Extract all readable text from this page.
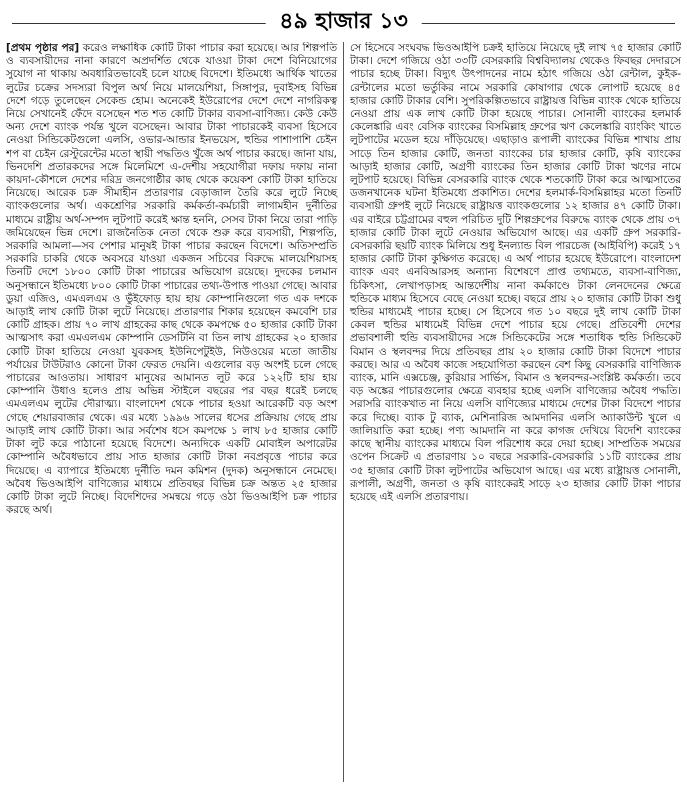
৪৯ হাজার ১৩

[প্রথম পৃষ্ঠার পর] করেও লক্ষাধিক কোটি টাকা পাচার করা হয়েছে। আর শিল্পপতি ও ব্যবসায়ীদের নানা কারণে অপ্রদর্শিত থেকে যাওয়া টাকা দেশে বিনিয়োগের সুযোগ না থাকায় অবধারিতভাবেই চলে যাচ্ছে বিদেশে। ইতিমধ্যে আর্থিক খাতের লুটের চক্রের সদস্যরা বিপুল অর্থ নিয়ে মালয়েশিয়া, সিঙ্গাপুর, দুবাইসহ বিভিন্ন দেশে গড়ে তুলেছেন সেকেন্ড হোম। অনেকেই ইউরোপের দেশে দেশে নাগরিকত্ব নিয়ে সেখানেই ফেঁদে বসেছেন শত শত কোটি টাকার ব্যবসা-বাণিজ্য। কেউ কেউ অন্য দেশে ব্যাংক পর্যন্ত খুলে বসেছেন। আবার টাকা পাচারকেই ব্যবসা হিসেবে নেওয়া সিন্ডিকেটগুলো এলসি, ওভার-আন্ডার ইনভয়েস, হুন্ডির পাশাপাশি চেইন শপ বা চেইন রেস্টুরেন্টের মতো স্থায়ী পদ্ধতিও খুঁজে অর্থ পাচার করছে। জানা যায়, ভিনদেশি প্রতারকদের সঙ্গে মিলেমিশে এ-দেশীয় সহযোগীরা দফায় দফায় নানা কায়দা-কৌশলে দেশের দরিদ্র জনগোষ্ঠীর কাছ থেকে কয়েকশ কোটি টাকা হাতিয়ে নিয়েছে। আরেক চক্র সীমাহীন প্রতারণার বেড়াজাল তৈরি করে লুটে নিচ্ছে ব্যাংকগুলোর অর্থ। একশ্রেণির সরকারি কর্মকর্তা-কর্মচারী লাগামহীন দুর্নীতির মাধ্যমে রাষ্ট্রীয় অর্থ-সম্পদ লুটপাট করেই ক্ষান্ত হননি, সেসব টাকা নিয়ে তারা পাড়ি জমিয়েছেন ভিন্ন দেশে। রাজনৈতিক নেতা থেকে শুরু করে ব্যবসায়ী, শিল্পপতি, সরকারি আমলা—সব পেশার মানুষই টাকা পাচার করছেন বিদেশে। অতিসম্প্রতি সরকারি চাকরি থেকে অবসরে যাওয়া একজন সচিবের বিরুদ্ধে মালয়েশিয়াসহ তিনটি দেশে ১৮০০ কোটি টাকা পাচারের অভিযোগ রয়েছে। দুদকের চলমান অনুসন্ধানে ইতিমধ্যে ৮০০ কোটি টাকা পাচারের তথ্য-উপাত্ত পাওয়া গেছে। আবার ডুয়া এজিও, এমএলএম ও ভুঁইফোড় হায় হায় কোম্পানিগুলো গত এক দশকে আড়াই লাখ কোটি টাকা লুটে নিয়েছে। প্রতারণার শিকার হয়েছেন কমবেশি চার কোটি গ্রাহক। প্রায় ৭০ লাখ গ্রাহকের কাছ থেকে কমপক্ষে ৫০ হাজার কোটি টাকা আত্মসাৎ করা এমএলএম কোম্পানি ডেসটিনি বা তিন লাখ গ্রাহকের ২০ হাজার কোটি টাকা হাতিয়ে নেওয়া যুবকসহ ইউনিপেটুইউ, নিউওয়ের মতো জাতীয় পর্যায়ের টাউটরাও কোনো টাকা ফেরত দেয়নি। এগুলোর বড় অংশই চলে গেছে পাচারের আওতায়। সাধারণ মানুষের আমানত লুট করে ১২২টি হায় হায় কোম্পানি উধাও হলেও প্রায় অভিন্ন স্টাইলে বছরের পর বছর ধরেই চলছে এমএলএম লুটের দৌরাত্ম্য। বাংলাদেশ থেকে পাচার হওয়া আরেকটি বড় অংশ গেছে শেয়ারবাজার থেকে। এর মধ্যে ১৯৯৬ সালের ধসের প্রক্রিয়ায় গেছে প্রায় আড়াই লাখ কোটি টাকা। আর সর্বশেষ ধসে কমপক্ষে ১ লাখ ৮৫ হাজার কোটি টাকা লুট করে পাঠানো হয়েছে বিদেশে। অন্যদিকে একটি মোবাইল অপারেটর কোম্পানি অবৈধভাবে প্রায় সাত হাজার কোটি টাকা নবপ্রবৃত্তে পাচার করে দিয়েছে। এ ব্যাপারে ইতিমধ্যে দুর্নীতি দমন কমিশন (দুদক) অনুসন্ধানে নেমেছে। অবৈধ ভিওআইপি বাণিজ্যের মাধ্যমে প্রতিবছর বিভিন্ন চক্র অন্তত ২৫ হাজার কোটি টাকা লুটে নিচ্ছে। বিদেশিদের সমন্বয়ে গড়ে ওঠা ভিওআইপি চক্র পাচার করছে অর্থ।

সে হিসেবে সংঘবদ্ধ ভিওআইপি চক্রই হাতিয়ে নিয়েছে দুই লাখ ৭৫ হাজার কোটি টাকা। দেশে গজিয়ে ওঠা ৩৩টি বেসরকারি বিশ্ববিদ্যালয় থেকেও ফিবছর দেদারসে পাচার হচ্ছে টাকা। বিদ্যুৎ উৎপাদনের নামে হঠাৎ গজিয়ে ওঠা রেন্টাল, কুইক-রেন্টালের মতো ভর্তুকির নামে সরকারি কোষাগার থেকে লোপাট হয়েছে ৪৫ হাজার কোটি টাকার বেশি। সুপরিকল্পিতভাবে রাষ্ট্রায়ত্ত বিভিন্ন ব্যাংক থেকে হাতিয়ে নেওয়া প্রায় এক লাখ কোটি টাকা হয়েছে পাচার। সোনালী ব্যাংকের হলমার্ক কেলেঙ্কারি এবং বেসিক ব্যাংকের বিসমিল্লাহ গ্রুপের ঋণ কেলেঙ্কারি ব্যাংকিং খাতে লুটপাটের মডেল হয়ে দাঁড়িয়েছে। এছাড়াও রূপালী ব্যাংকের বিভিন্ন শাখায় প্রায় সাড়ে তিন হাজার কোটি, জনতা ব্যাংকের চার হাজার কোটি, কৃষি ব্যাংকের আড়াই হাজার কোটি, অগ্রণী ব্যাংকের তিন হাজার কোটি টাকা ঋণের নামে লুটপাট হয়েছে। বিভিন্ন বেসরকারি ব্যাংক থেকে শতকোটি টাকা করে আত্মসাতের ডজনখানেক ঘটনা ইতিমধ্যে প্রকাশিত। দেশের হলমার্ক-বিসমিল্লাহর মতো তিনটি ব্যবসায়ী গ্রুপই লুটে নিয়েছে রাষ্ট্রায়ত্ত ব্যাংকগুলোর ১২ হাজার ৪৭ কোটি টাকা। এর বাইরে চট্টগ্রামের বহুল পরিচিত দুটি শিল্পগ্রুপের বিরুদ্ধে ব্যাংক থেকে প্রায় ৩৭ হাজার কোটি টাকা লুটে নেওয়ার অভিযোগ আছে। এর একটি গ্রুপ সরকারি-বেসরকারি ছয়টি ব্যাংক মিলিয়ে শুধু ইনল্যান্ড বিল পারচেজ (আইবিপি) করেই ১৭ হাজার কোটি টাকা কুক্ষিগত করেছে। এ অর্থ পাচার হয়েছে ইউরোপে। বাংলাদেশ ব্যাংক এবং এনবিআরসহ অন্যান্য বিশেষণে প্রাপ্ত তথ্যমতে, ব্যবসা-বাণিজ্য, চিকিৎসা, লেখাপড়াসহ আন্তর্দেশীয় নানা কর্মকাণ্ডে টাকা লেনদেনের ক্ষেত্রে হুন্ডিকে মাধ্যম হিসেবে বেছে নেওয়া হচ্ছে। বছরে প্রায় ২০ হাজার কোটি টাকা শুধু হুন্ডির মাধ্যমেই পাচার হচ্ছে। সে হিসেবে গত ১০ বছরে দুই লাখ কোটি টাকা কেবল হুন্ডির মাধ্যমেই বিভিন্ন দেশে পাচার হয়ে গেছে। প্রতিবেশী দেশের প্রভাবশালী হুন্ডি ব্যবসায়ীদের সঙ্গে সিন্ডিকেটের সঙ্গে শতাধিক হুন্ডি সিন্ডিকেট বিমান ও স্থলবন্দর দিয়ে প্রতিবছর প্রায় ২০ হাজার কোটি টাকা বিদেশে পাচার করছে। আর এ অবৈধ কাজে সহযোগিতা করছেন বেশ কিছু বেসরকারি বাণিজ্যিক ব্যাংক, মানি এক্সচেঞ্জ, কুরিয়ার সার্ভিস, বিমান ও স্থলবন্দর-সংশ্লিষ্ট কর্মকর্তা। তবে বড় অঙ্কের পাচারগুলোর ক্ষেত্রে ব্যবহার হচ্ছে এলসি বাণিজ্যের অবৈধ পদ্ধতি। সরাসরি ব্যাংকখাত না নিয়ে এলসি বাণিজ্যের মাধ্যমে দেশের টাকা বিদেশে পাচার করে দিচ্ছে। ব্যাক টু ব্যাক, মেশিনারিজ আমদানির এলসি অ্যাকাউন্ট খুলে এ জালিয়াতি করা হচ্ছে। পণ্য আমদানি না করে কাগজ দেখিয়ে বিদেশি ব্যাংকের কাছে স্থানীয় ব্যাংকের মাধ্যমে বিল পরিশোধ করে দেয়া হচ্ছে। সাম্প্রতিক সময়ের ওপেন সিক্রেট এ প্রতারণায় ১০ বছরে সরকারি-বেসরকারি ১১টি ব্যাংকের প্রায় ৩৫ হাজার কোটি টাকা লুটপাটের অভিযোগ আছে। এর মধ্যে রাষ্ট্রায়ত্ত সোনালী, রূপালী, অগ্রণী, জনতা ও কৃষি ব্যাংকেরই সাড়ে ২৩ হাজার কোটি টাকা পাচার হয়েছে এই এলসি প্রতারণায়।
